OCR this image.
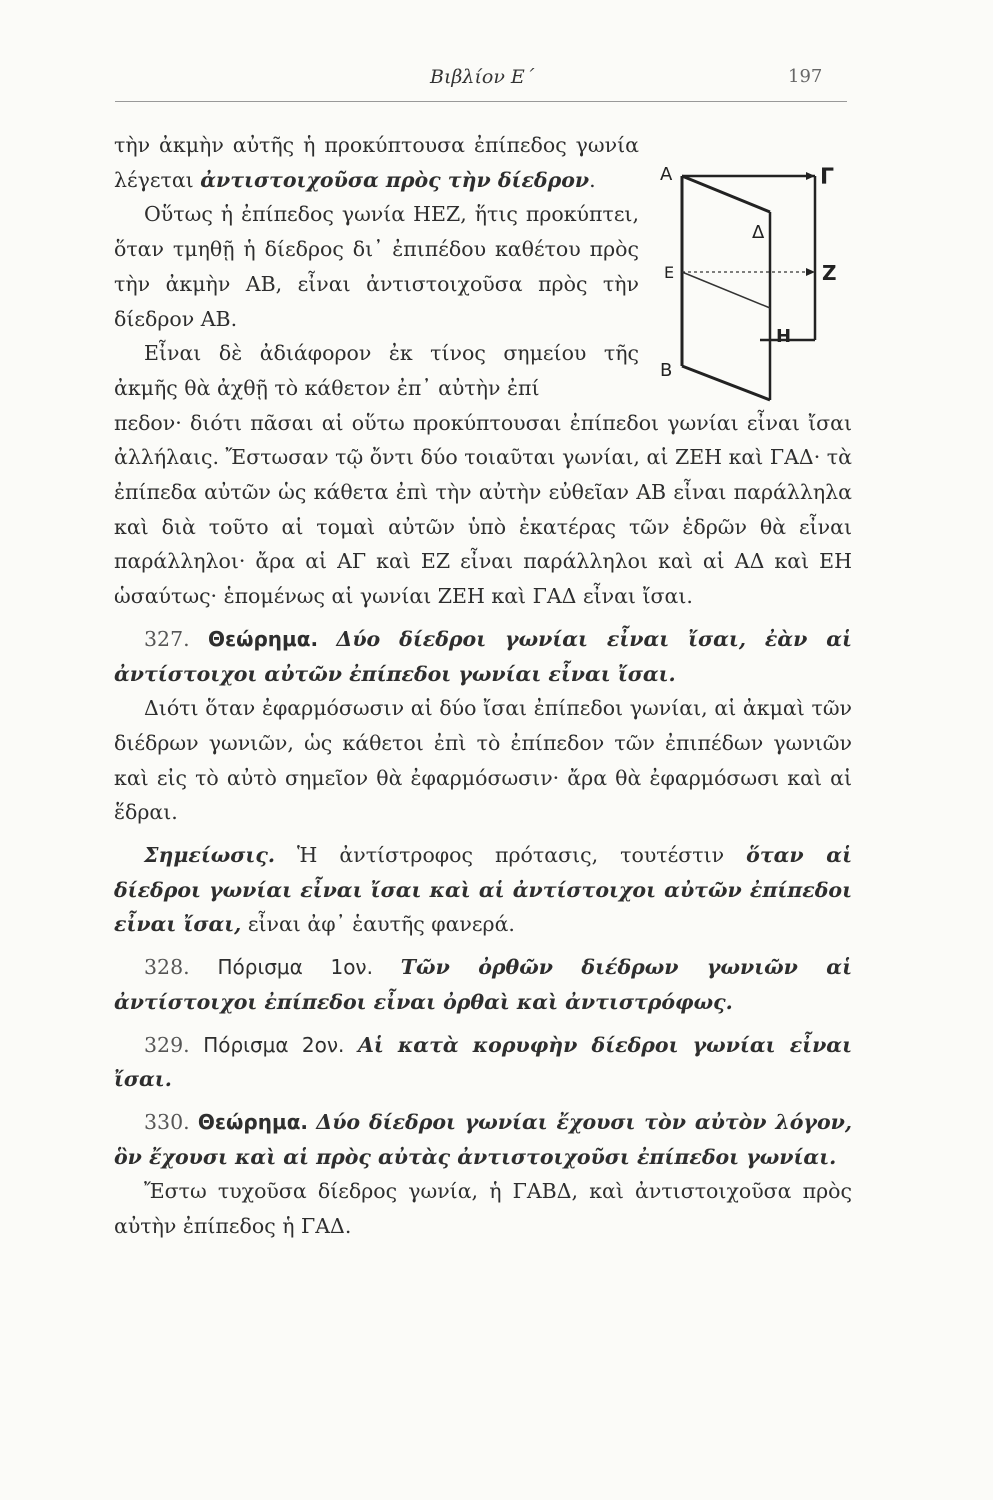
Βιβλίον Ε΄	197
A	Γ
Δ
E	Z
H
B

τὴν ἀκμὴν αὐτῆς ἡ προκύπτουσα ἐπίπεδος γωνία λέγεται ἀντιστοιχοῦσα πρὸς τὴν δίεδρον.

Οὕτως ἡ ἐπίπεδος γωνία ΗΕΖ, ἥτις προκύπτει, ὅταν τμηθῇ ἡ δίεδρος δι᾿ ἐπιπέδου καθέτου πρὸς τὴν ἀκμὴν ΑΒ, εἶναι ἀντιστοιχοῦσα πρὸς τὴν δίεδρον ΑΒ.

Εἶναι δὲ ἀδιάφορον ἐκ τίνος σημείου τῆς ἀκμῆς θὰ ἀχθῇ τὸ κάθετον ἐπ᾿ αὐτὴν ἐπί

πεδον· διότι πᾶσαι αἱ οὕτω προκύπτουσαι ἐπίπεδοι γωνίαι εἶναι ἴσαι ἀλλήλαις. Ἔστωσαν τῷ ὄντι δύο τοιαῦται γωνίαι, αἱ ΖΕΗ καὶ ΓΑΔ· τὰ ἐπίπεδα αὐτῶν ὡς κάθετα ἐπὶ τὴν αὐτὴν εὐθεῖαν ΑΒ εἶναι παράλληλα καὶ διὰ τοῦτο αἱ τομαὶ αὐτῶν ὑπὸ ἑκατέρας τῶν ἑδρῶν θὰ εἶναι παράλληλοι· ἄρα αἱ ΑΓ καὶ ΕΖ εἶναι παράλληλοι καὶ αἱ ΑΔ καὶ ΕΗ ὡσαύτως· ἑπομένως αἱ γωνίαι ΖΕΗ καὶ ΓΑΔ εἶναι ἴσαι.

327. Θεώρημα. Δύο δίεδροι γωνίαι εἶναι ἴσαι, ἐὰν αἱ ἀντίστοιχοι αὐτῶν ἐπίπεδοι γωνίαι εἶναι ἴσαι.

Διότι ὅταν ἐφαρμόσωσιν αἱ δύο ἴσαι ἐπίπεδοι γωνίαι, αἱ ἀκμαὶ τῶν διέδρων γωνιῶν, ὡς κάθετοι ἐπὶ τὸ ἐπίπεδον τῶν ἐπιπέδων γωνιῶν καὶ εἰς τὸ αὐτὸ σημεῖον θὰ ἐφαρμόσωσιν· ἄρα θὰ ἐφαρμόσωσι καὶ αἱ ἕδραι.

Σημείωσις. Ἡ ἀντίστροφος πρότασις, τουτέστιν ὅταν αἱ δίεδροι γωνίαι εἶναι ἴσαι καὶ αἱ ἀντίστοιχοι αὐτῶν ἐπίπεδοι εἶναι ἴσαι, εἶναι ἀφ᾿ ἑαυτῆς φανερά.

328. Πόρισμα 1ον. Τῶν ὀρθῶν διέδρων γωνιῶν αἱ ἀντίστοιχοι ἐπίπεδοι εἶναι ὀρθαὶ καὶ ἀντιστρόφως.

329. Πόρισμα 2ον. Αἱ κατὰ κορυφὴν δίεδροι γωνίαι εἶναι ἴσαι.

330. Θεώρημα. Δύο δίεδροι γωνίαι ἔχουσι τὸν αὐτὸν λόγον, ὃν ἔχουσι καὶ αἱ πρὸς αὐτὰς ἀντιστοιχοῦσι ἐπίπεδοι γωνίαι.

Ἔστω τυχοῦσα δίεδρος γωνία, ἡ ΓΑΒΔ, καὶ ἀντιστοιχοῦσα πρὸς αὐτὴν ἐπίπεδος ἡ ΓΑΔ.
